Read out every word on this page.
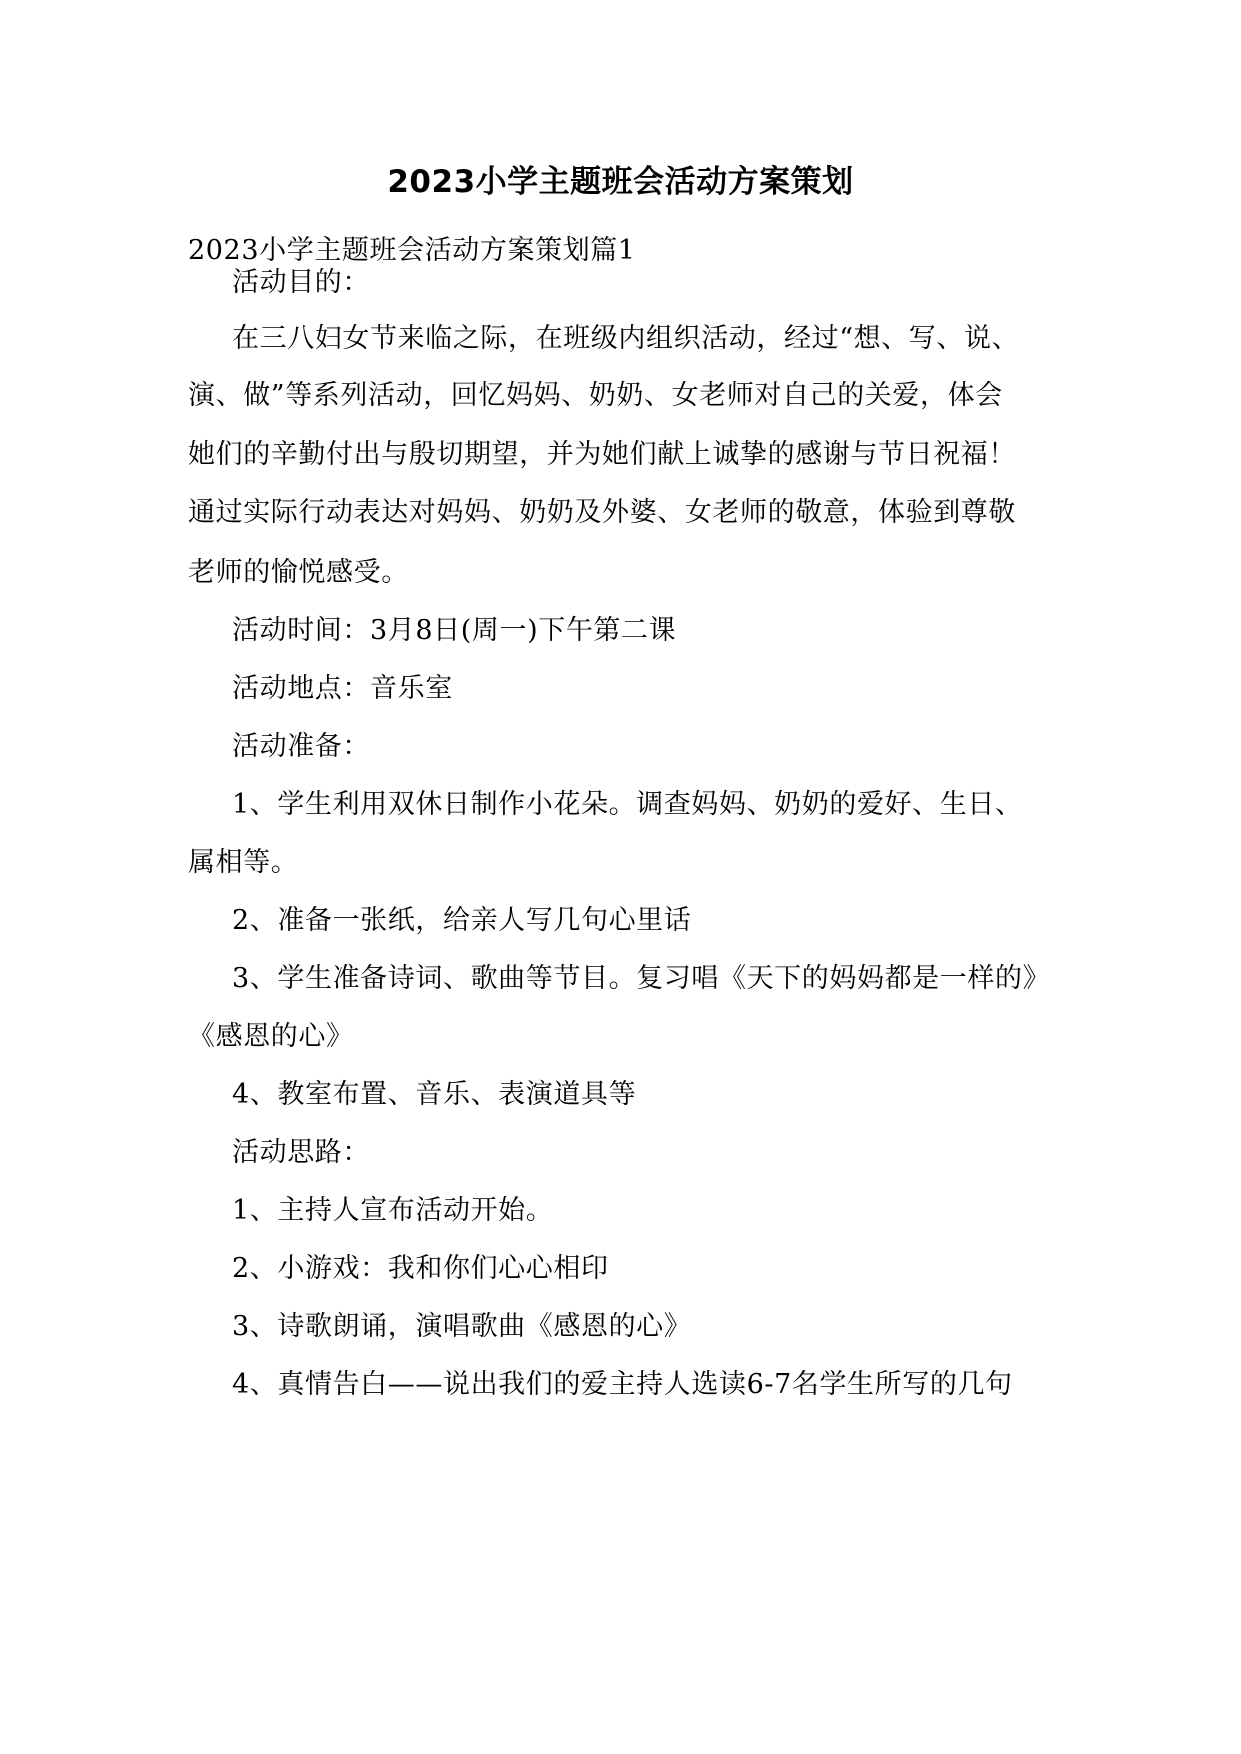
2023小学主题班会活动方案策划
2023小学主题班会活动方案策划篇1
活动目的：
在三八妇女节来临之际，在班级内组织活动，经过“想、写、说、
演、做”等系列活动，回忆妈妈、奶奶、女老师对自己的关爱，体会
她们的辛勤付出与殷切期望，并为她们献上诚挚的感谢与节日祝福！
通过实际行动表达对妈妈、奶奶及外婆、女老师的敬意，体验到尊敬
老师的愉悦感受。
活动时间：3月8日(周一)下午第二课
活动地点：音乐室
活动准备：
1、学生利用双休日制作小花朵。调查妈妈、奶奶的爱好、生日、
属相等。
2、准备一张纸，给亲人写几句心里话
3、学生准备诗词、歌曲等节目。复习唱《天下的妈妈都是一样的》
《感恩的心》
4、教室布置、音乐、表演道具等
活动思路：
1、主持人宣布活动开始。
2、小游戏：我和你们心心相印
3、诗歌朗诵，演唱歌曲《感恩的心》
4、真情告白——说出我们的爱主持人选读6-7名学生所写的几句
